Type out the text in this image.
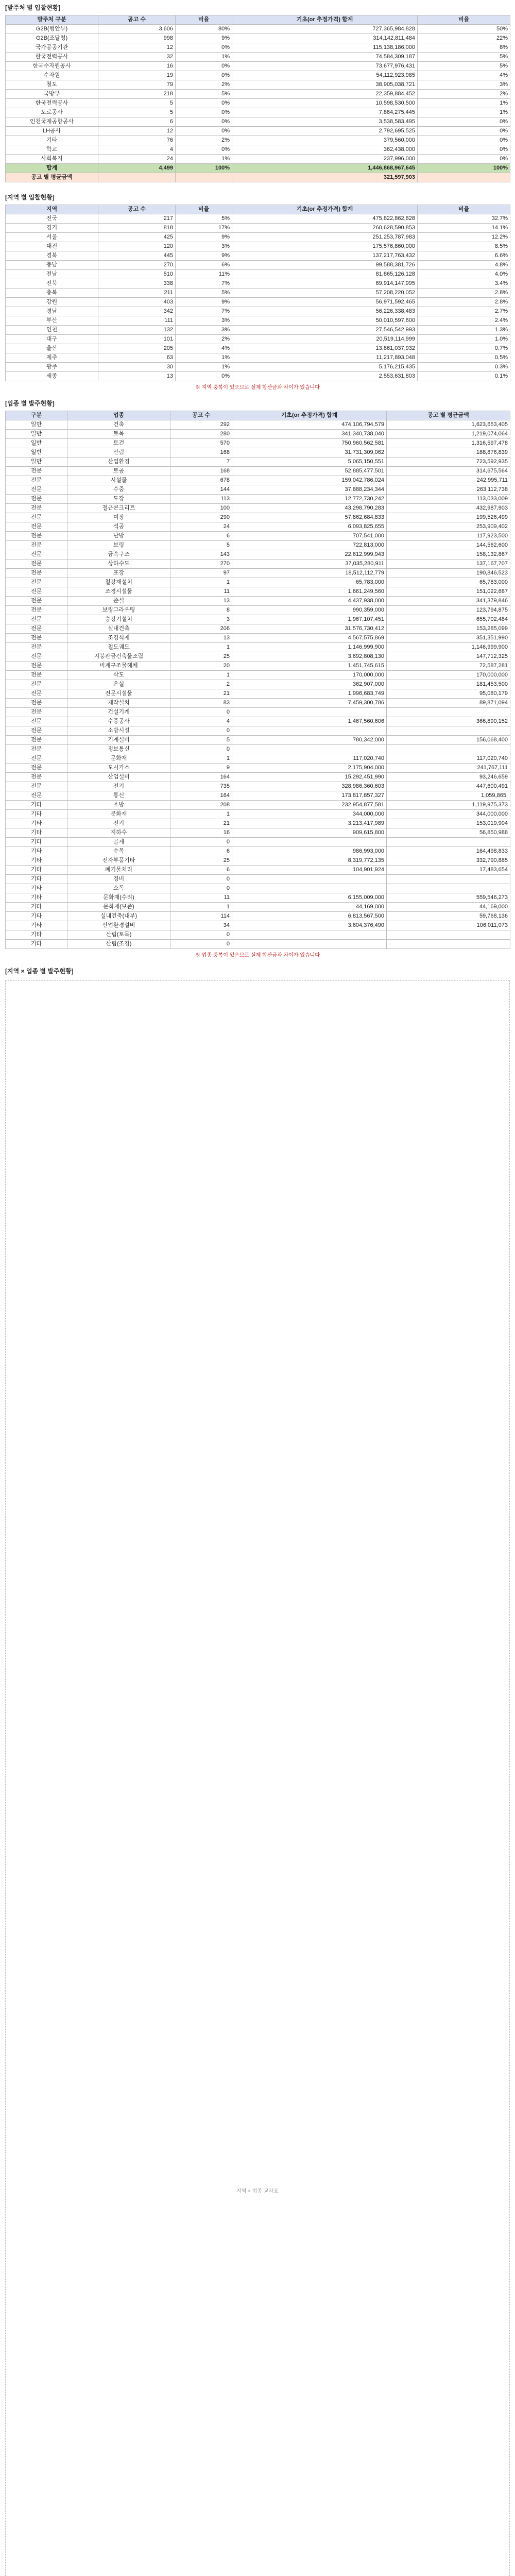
[발주처 별 입찰현황]
발주처 구분	공고 수	비율	기초(or 추정가격) 합계	비율
G2B(행안부)	3,606	80%	727,365,984,828	50%
G2B(조달청)	998	9%	314,142,811,484	22%
국가공공기관	12	0%	115,138,186,000	8%
한국전력공사	32	1%	74,584,309,187	5%
한국수자원공사	16	0%	73,677,976,431	5%
수자원	19	0%	54,112,923,985	4%
철도	79	2%	38,905,038,721	3%
국방부	218	5%	22,359,884,452	2%
한국전력공사	5	0%	10,598,530,500	1%
도로공사	5	0%	7,864,275,445	1%
인천국제공항공사	6	0%	3,538,583,495	0%
LH공사	12	0%	2,792,695,525	0%
기타	76	2%	379,560,000	0%
학교	4	0%	362,438,000	0%
사회복지	24	1%	237,996,000	0%
합계	4,499	100%	1,446,868,967,645	100%
공고 별 평균금액			321,597,903	
[지역 별 입찰현황]
지역	공고 수	비율	기초(or 추정가격) 합계	비율
전국	217	5%	475,822,862,828	32.7%
경기	818	17%	260,628,590,853	14.1%
서울	425	9%	251,253,787,983	12.2%
대전	120	3%	175,576,860,000	8.5%
경북	445	9%	137,217,763,432	6.6%
충남	270	6%	99,588,381,726	4.8%
전남	510	11%	81,865,126,128	4.0%
전북	338	7%	69,914,147,995	3.4%
충북	211	5%	57,208,220,052	2.8%
강원	403	9%	56,971,592,465	2.8%
경남	342	7%	56,226,338,483	2.7%
부산	111	3%	50,010,597,600	2.4%
인천	132	3%	27,546,542,993	1.3%
대구	101	2%	20,519,114,999	1.0%
울산	205	4%	13,861,037,932	0.7%
제주	63	1%	11,217,893,048	0.5%
광주	30	1%	5,176,215,435	0.3%
세종	13	0%	2,553,631,803	0.1%
※ 지역 중복이 있으므로 실제 합산금과 차이가 있습니다
[업종 별 발주현황]
구분	업종	공고 수	기초(or 추정가격) 합계	공고 별 평균금액
일반	건축	292	474,106,794,579	1,623,653,405
일반	토목	280	341,340,738,040	1,219,074,064
일반	토건	570	750,960,562,581	1,316,597,478
일반	산림	168	31,731,309,062	188,876,839
일반	산업환경	7	5,065,150,551	723,592,935
전문	토공	168	52,885,477,501	314,675,564
전문	시설물	678	159,042,786,024	242,995,711
전문	수중	144	37,888,234,344	263,112,738
전문	도장	113	12,772,730,242	113,033,009
전문	철근콘크리트	100	43,298,790,283	432,987,903
전문	미장	290	57,862,684,833	199,526,499
전문	석공	24	6,093,825,655	253,909,402
전문	난방	6	707,541,000	117,923,500
전문	보링	5	722,813,000	144,562,600
전문	금속구조	143	22,612,999,943	158,132,867
전문	상하수도	270	37,035,280,911	137,167,707
전문	포장	97	18,512,112,779	190,846,523
전문	철강재설치	1	65,783,000	65,783,000
전문	조경시설물	11	1,661,249,560	151,022,687
전문	준설	13	4,437,938,000	341,379,846
전문	보링그라우팅	8	990,359,000	123,794,875
전문	승강기설치	3	1,967,107,451	655,702,484
전문	실내건축	206	31,576,730,412	153,285,099
전문	조경식재	13	4,567,575,869	351,351,990
전문	철도궤도	1	1,146,999,900	1,146,999,900
전문	지붕판금건축물조립	25	3,692,808,130	147,712,325
전문	비계구조물해체	20	1,451,745,615	72,587,281
전문	삭도	1	170,000,000	170,000,000
전문	온실	2	362,907,000	181,453,500
전문	전문시설물	21	1,996,683,749	95,080,179
전문	제작설치	83	7,459,300,786	89,871,094
전문	건설기계	0		
전문	수중공사	4	1,467,560,606	366,890,152
전문	소방시설	0		
전문	기계설비	5	780,342,000	156,068,400
전문	정보통신	0		
전문	문화재	1	117,020,740	117,020,740
전문	도시가스	9	2,175,904,000	241,767,111
전문	산업설비	164	15,292,451,990	93,246,659
전문	전기	735	328,986,360,603	447,600,491
전문	통신	164	173,817,857,327	1,059,865,
기타	소방	208	232,954,877,581	1,119,975,373
기타	문화재	1	344,000,000	344,000,000
기타	전기	21	3,213,417,989	153,019,904
기타	지하수	16	909,615,800	56,850,988
기타	골재	0		
기타	수목	6	986,993,000	164,498,833
기타	전자부품기타	25	8,319,772,135	332,790,885
기타	폐기물처리	6	104,901,924	17,483,654
기타	경비	0		
기타	소독	0		
기타	문화재(수리)	11	6,155,009,000	559,546,273
기타	문화재(보존)	1	44,169,000	44,169,000
기타	실내건축(내부)	114	6,813,567,500	59,768,136
기타	산업환경설비	34	3,604,376,490	106,011,073
기타	산림(토목)	0		
기타	산림(조경)	0		
※ 업종 중복이 있으므로 실제 합산금과 차이가 있습니다
[지역 × 업종 별 발주현황]
지역 × 업종 교차표
